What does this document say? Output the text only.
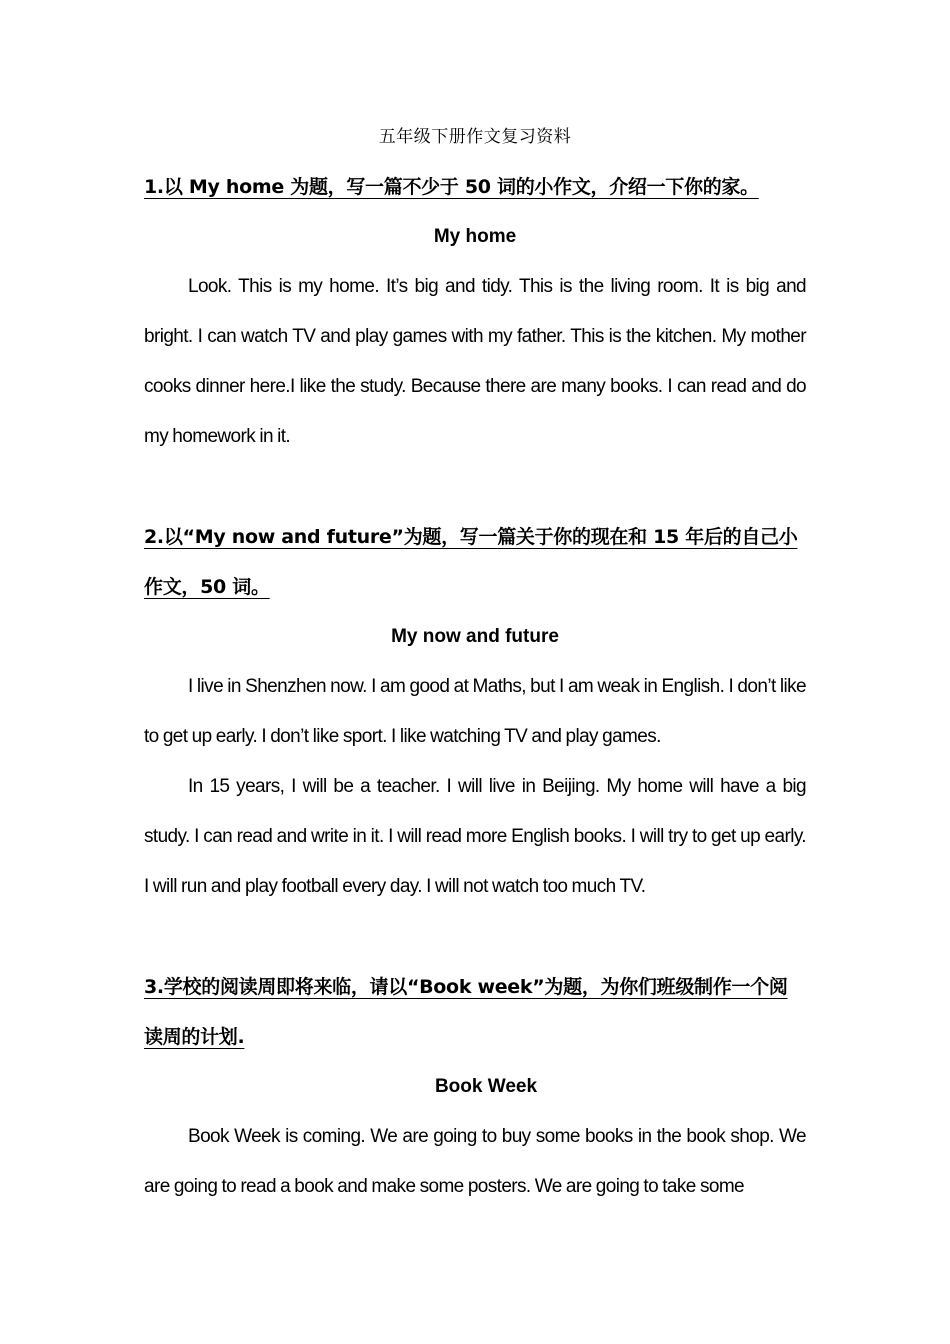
五年级下册作文复习资料

1.以 My home 为题，写一篇不少于 50 词的小作文，介绍一下你的家。

My home

Look. This is my home. It’s big and tidy. This is the living room. It is big and bright. I can watch TV and play games with my father. This is the kitchen. My mother cooks dinner here.I like the study. Because there are many books. I can read and do my homework in it.

2.以“My now and future”为题，写一篇关于你的现在和 15 年后的自己小作文，50 词。

My now and future

I live in Shenzhen now. I am good at Maths, but I am weak in English. I don’t like to get up early. I don’t like sport. I like watching TV and play games.

In 15 years, I will be a teacher. I will live in Beijing. My home will have a big study. I can read and write in it. I will read more English books. I will try to get up early. I will run and play football every day. I will not watch too much TV.

3.学校的阅读周即将来临，请以“Book week”为题，为你们班级制作一个阅读周的计划.

Book Week

Book Week is coming. We are going to buy some books in the book shop. We are going to read a book and make some posters. We are going to take some
